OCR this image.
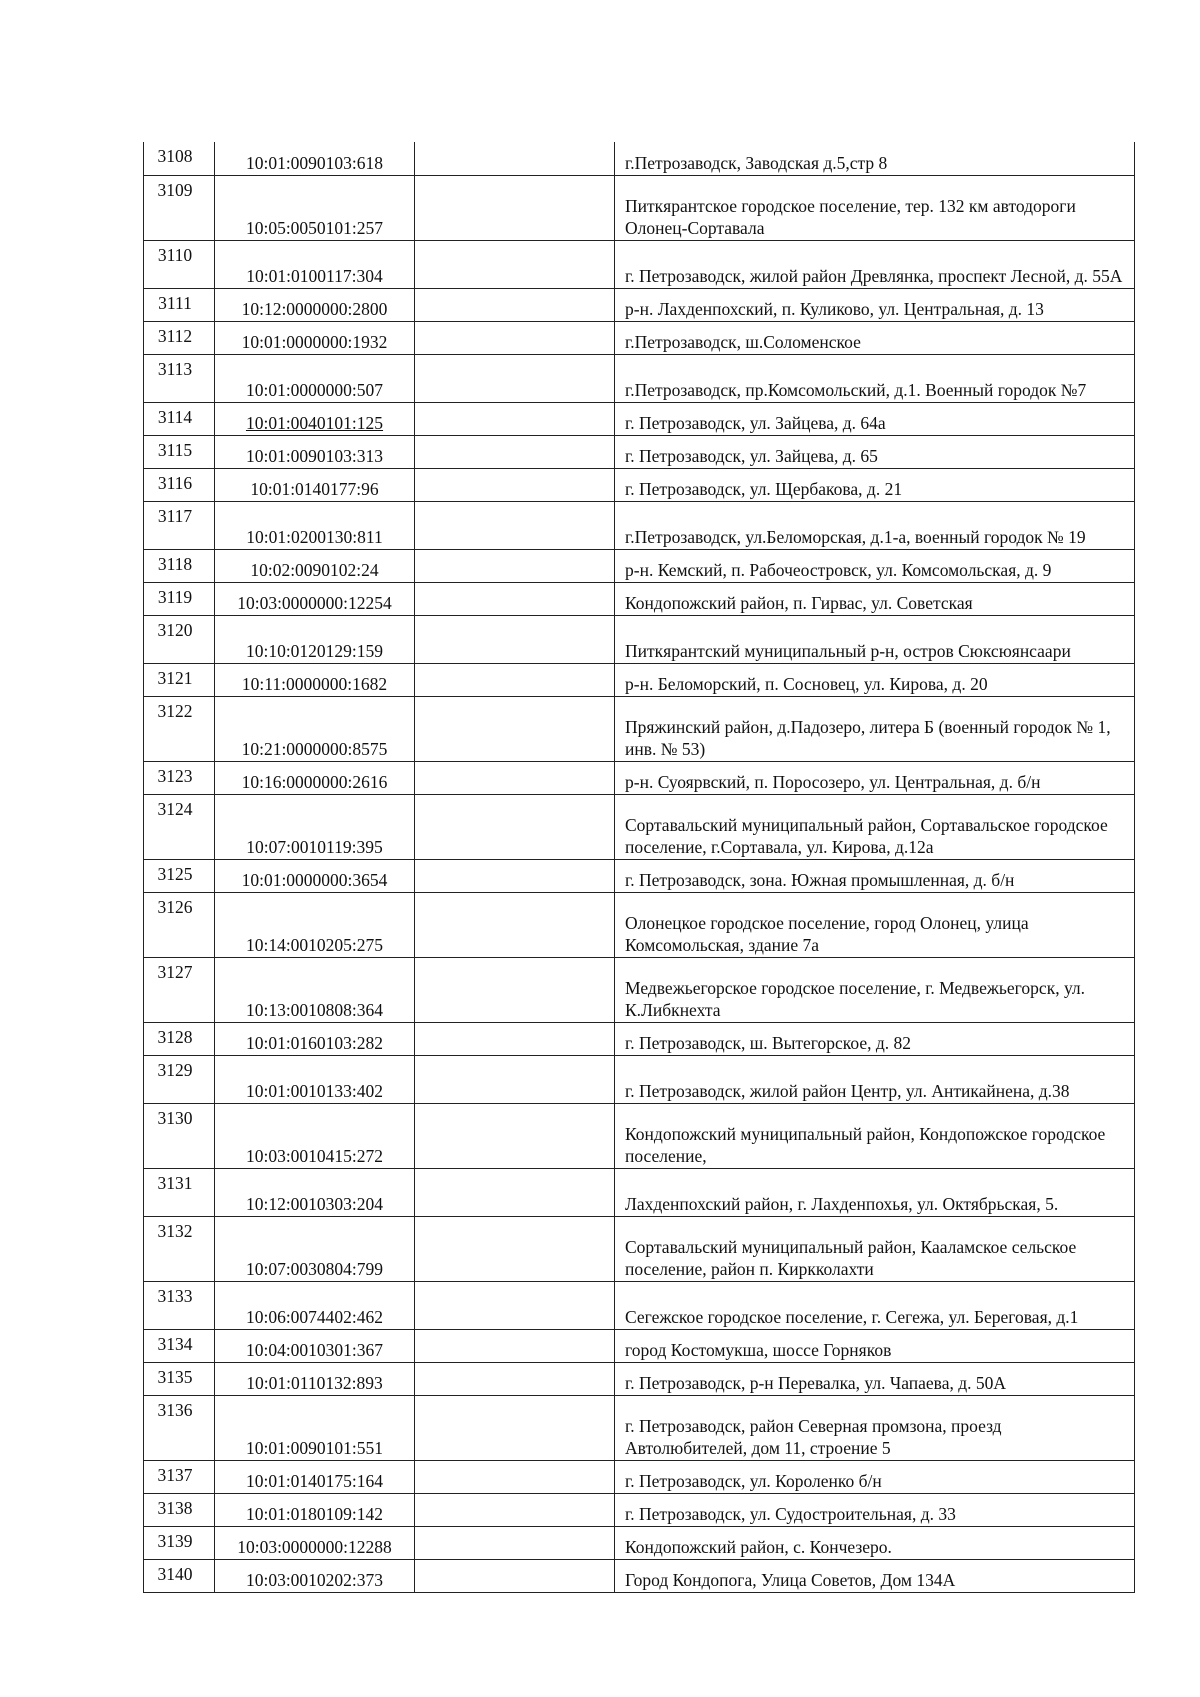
3108	10:01:0090103:618		г.Петрозаводск, Заводская д.5,стр 8
3109	10:05:0050101:257		Питкярантское городское поселение, тер. 132 км автодороги Олонец-Сортавала
3110	10:01:0100117:304		г. Петрозаводск, жилой район Древлянка, проспект Лесной, д. 55А
3111	10:12:0000000:2800		р-н. Лахденпохский, п. Куликово, ул. Центральная, д. 13
3112	10:01:0000000:1932		г.Петрозаводск, ш.Соломенское
3113	10:01:0000000:507		г.Петрозаводск, пр.Комсомольский, д.1. Военный городок №7
3114	10:01:0040101:125		г. Петрозаводск, ул. Зайцева, д. 64а
3115	10:01:0090103:313		г. Петрозаводск, ул. Зайцева, д. 65
3116	10:01:0140177:96		г. Петрозаводск, ул. Щербакова, д. 21
3117	10:01:0200130:811		г.Петрозаводск, ул.Беломорская, д.1-а, военный городок № 19
3118	10:02:0090102:24		р-н. Кемский, п. Рабочеостровск, ул. Комсомольская, д. 9
3119	10:03:0000000:12254		Кондопожский район, п. Гирвас, ул. Советская
3120	10:10:0120129:159		Питкярантский муниципальный р-н, остров Сюксюянсаари
3121	10:11:0000000:1682		р-н. Беломорский, п. Сосновец, ул. Кирова, д. 20
3122	10:21:0000000:8575		Пряжинский район, д.Падозеро, литера Б (военный городок № 1, инв. № 53)
3123	10:16:0000000:2616		р-н. Суоярвский, п. Поросозеро, ул. Центральная, д. б/н
3124	10:07:0010119:395		Сортавальский муниципальный район, Сортавальское городское поселение, г.Сортавала, ул. Кирова, д.12а
3125	10:01:0000000:3654		г. Петрозаводск, зона. Южная промышленная, д. б/н
3126	10:14:0010205:275		Олонецкое городское поселение, город Олонец, улица Комсомольская, здание 7а
3127	10:13:0010808:364		Медвежьегорское городское поселение, г. Медвежьегорск, ул. К.Либкнехта
3128	10:01:0160103:282		г. Петрозаводск, ш. Вытегорское, д. 82
3129	10:01:0010133:402		г. Петрозаводск, жилой район Центр, ул. Антикайнена, д.38
3130	10:03:0010415:272		Кондопожский муниципальный район, Кондопожское городское поселение,
3131	10:12:0010303:204		Лахденпохский район, г. Лахденпохья, ул. Октябрьская, 5.
3132	10:07:0030804:799		Сортавальский муниципальный район, Кааламское сельское поселение, район п. Киркколахти
3133	10:06:0074402:462		Сегежское городское поселение, г. Сегежа, ул. Береговая, д.1
3134	10:04:0010301:367		город Костомукша, шоссе Горняков
3135	10:01:0110132:893		г. Петрозаводск, р-н Перевалка, ул. Чапаева, д. 50А
3136	10:01:0090101:551		г. Петрозаводск, район Северная промзона, проезд Автолюбителей, дом 11, строение 5
3137	10:01:0140175:164		г. Петрозаводск, ул. Короленко б/н
3138	10:01:0180109:142		г. Петрозаводск, ул. Судостроительная, д. 33
3139	10:03:0000000:12288		Кондопожский район, с. Кончезеро.
3140	10:03:0010202:373		Город Кондопога, Улица Советов, Дом 134А
